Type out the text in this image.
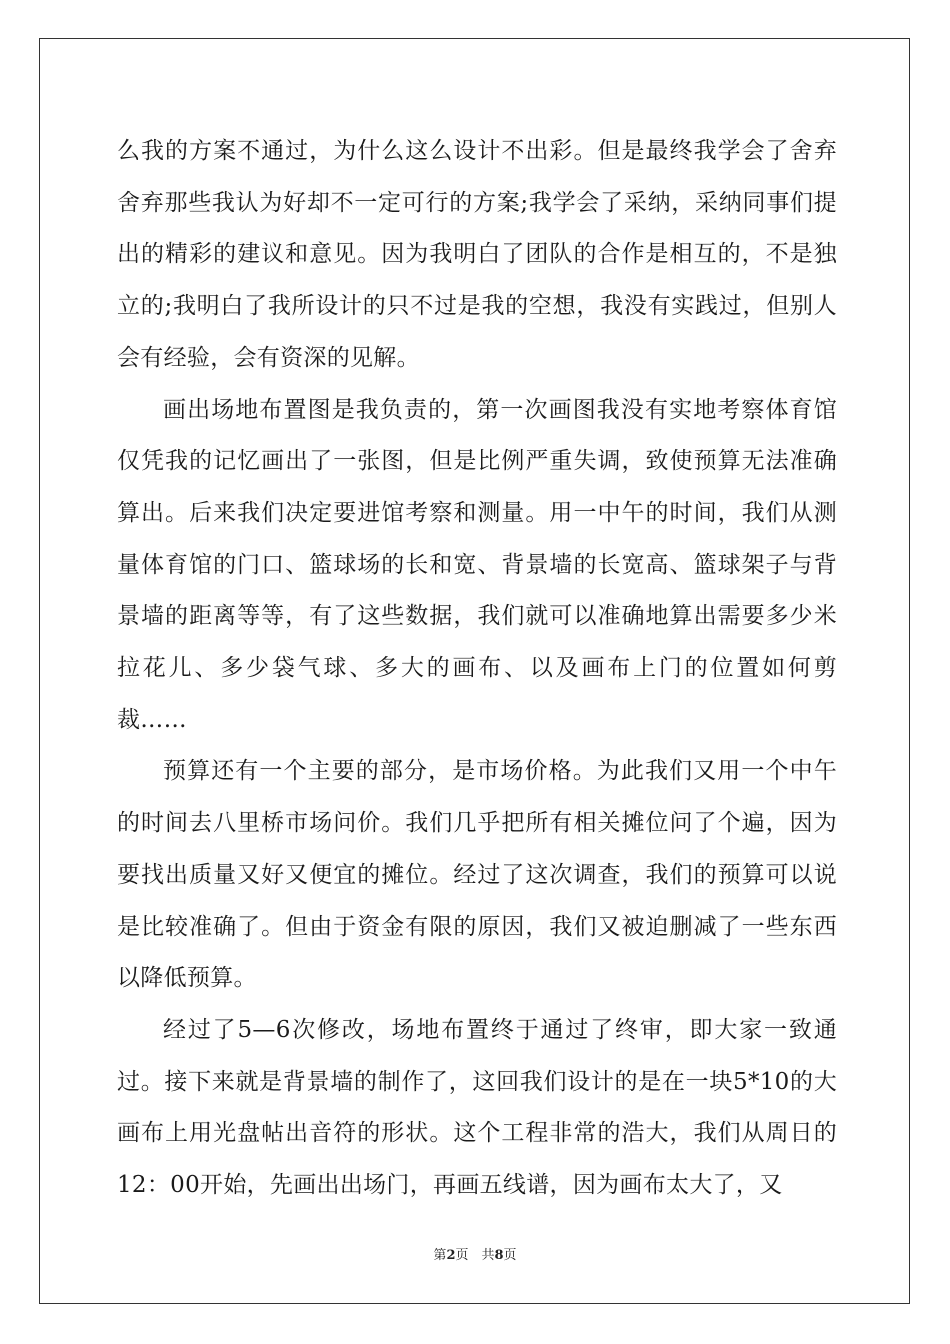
么我的方案不通过，为什么这么设计不出彩。但是最终我学会了舍弃舍弃那些我认为好却不一定可行的方案;我学会了采纳，采纳同事们提出的精彩的建议和意见。因为我明白了团队的合作是相互的，不是独立的;我明白了我所设计的只不过是我的空想，我没有实践过，但别人会有经验，会有资深的见解。

画出场地布置图是我负责的，第一次画图我没有实地考察体育馆仅凭我的记忆画出了一张图，但是比例严重失调，致使预算无法准确算出。后来我们决定要进馆考察和测量。用一中午的时间，我们从测量体育馆的门口、篮球场的长和宽、背景墙的长宽高、篮球架子与背景墙的距离等等，有了这些数据，我们就可以准确地算出需要多少米拉花儿、多少袋气球、多大的画布、以及画布上门的位置如何剪裁……

预算还有一个主要的部分，是市场价格。为此我们又用一个中午的时间去八里桥市场问价。我们几乎把所有相关摊位问了个遍，因为要找出质量又好又便宜的摊位。经过了这次调查，我们的预算可以说是比较准确了。但由于资金有限的原因，我们又被迫删减了一些东西以降低预算。

经过了5—6次修改，场地布置终于通过了终审，即大家一致通过。接下来就是背景墙的制作了，这回我们设计的是在一块5*10的大画布上用光盘帖出音符的形状。这个工程非常的浩大，我们从周日的12：00开始，先画出出场门，再画五线谱，因为画布太大了，又

第2页　共8页
